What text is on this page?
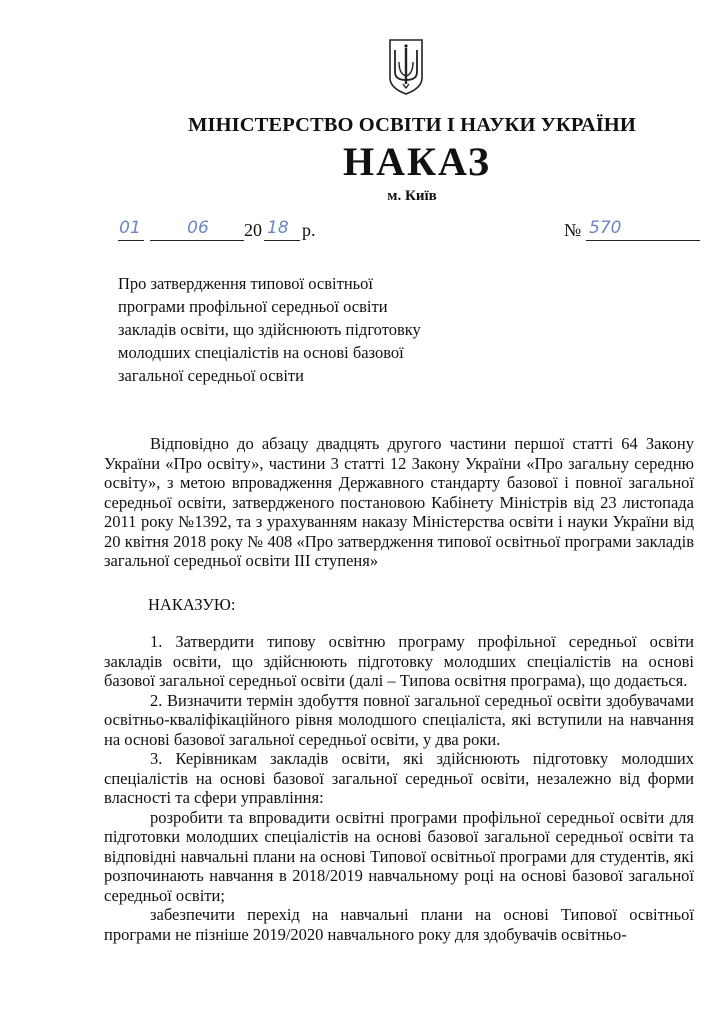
МІНІСТЕРСТВО ОСВІТИ І НАУКИ УКРАЇНИ
НАКАЗ
м. Київ
01	06	20 18 р.	№ 570
Про затвердження типової освітньої програми профільної середньої освіти закладів освіти, що здійснюють підготовку молодших спеціалістів на основі базової загальної середньої освіти

Відповідно до абзацу двадцять другого частини першої статті 64 Закону України «Про освіту», частини 3 статті 12 Закону України «Про загальну середню освіту», з метою впровадження Державного стандарту базової і повної загальної середньої освіти, затвердженого постановою Кабінету Міністрів від 23 листопада 2011 року №1392, та з урахуванням наказу Міністерства освіти і науки України від 20 квітня 2018 року № 408 «Про затвердження типової освітньої програми закладів загальної середньої освіти ІІІ ступеня»

НАКАЗУЮ:

1. Затвердити типову освітню програму профільної середньої освіти закладів освіти, що здійснюють підготовку молодших спеціалістів на основі базової загальної середньої освіти (далі – Типова освітня програма), що додається.

2. Визначити термін здобуття повної загальної середньої освіти здобувачами освітньо-кваліфікаційного рівня молодшого спеціаліста, які вступили на навчання на основі базової загальної середньої освіти, у два роки.

3. Керівникам закладів освіти, які здійснюють підготовку молодших спеціалістів на основі базової загальної середньої освіти, незалежно від форми власності та сфери управління:

розробити та впровадити освітні програми профільної середньої освіти для підготовки молодших спеціалістів на основі базової загальної середньої освіти та відповідні навчальні плани на основі Типової освітньої програми для студентів, які розпочинають навчання в 2018/2019 навчальному році на основі базової загальної середньої освіти;

забезпечити перехід на навчальні плани на основі Типової освітньої програми не пізніше 2019/2020 навчального року для здобувачів освітньо-
